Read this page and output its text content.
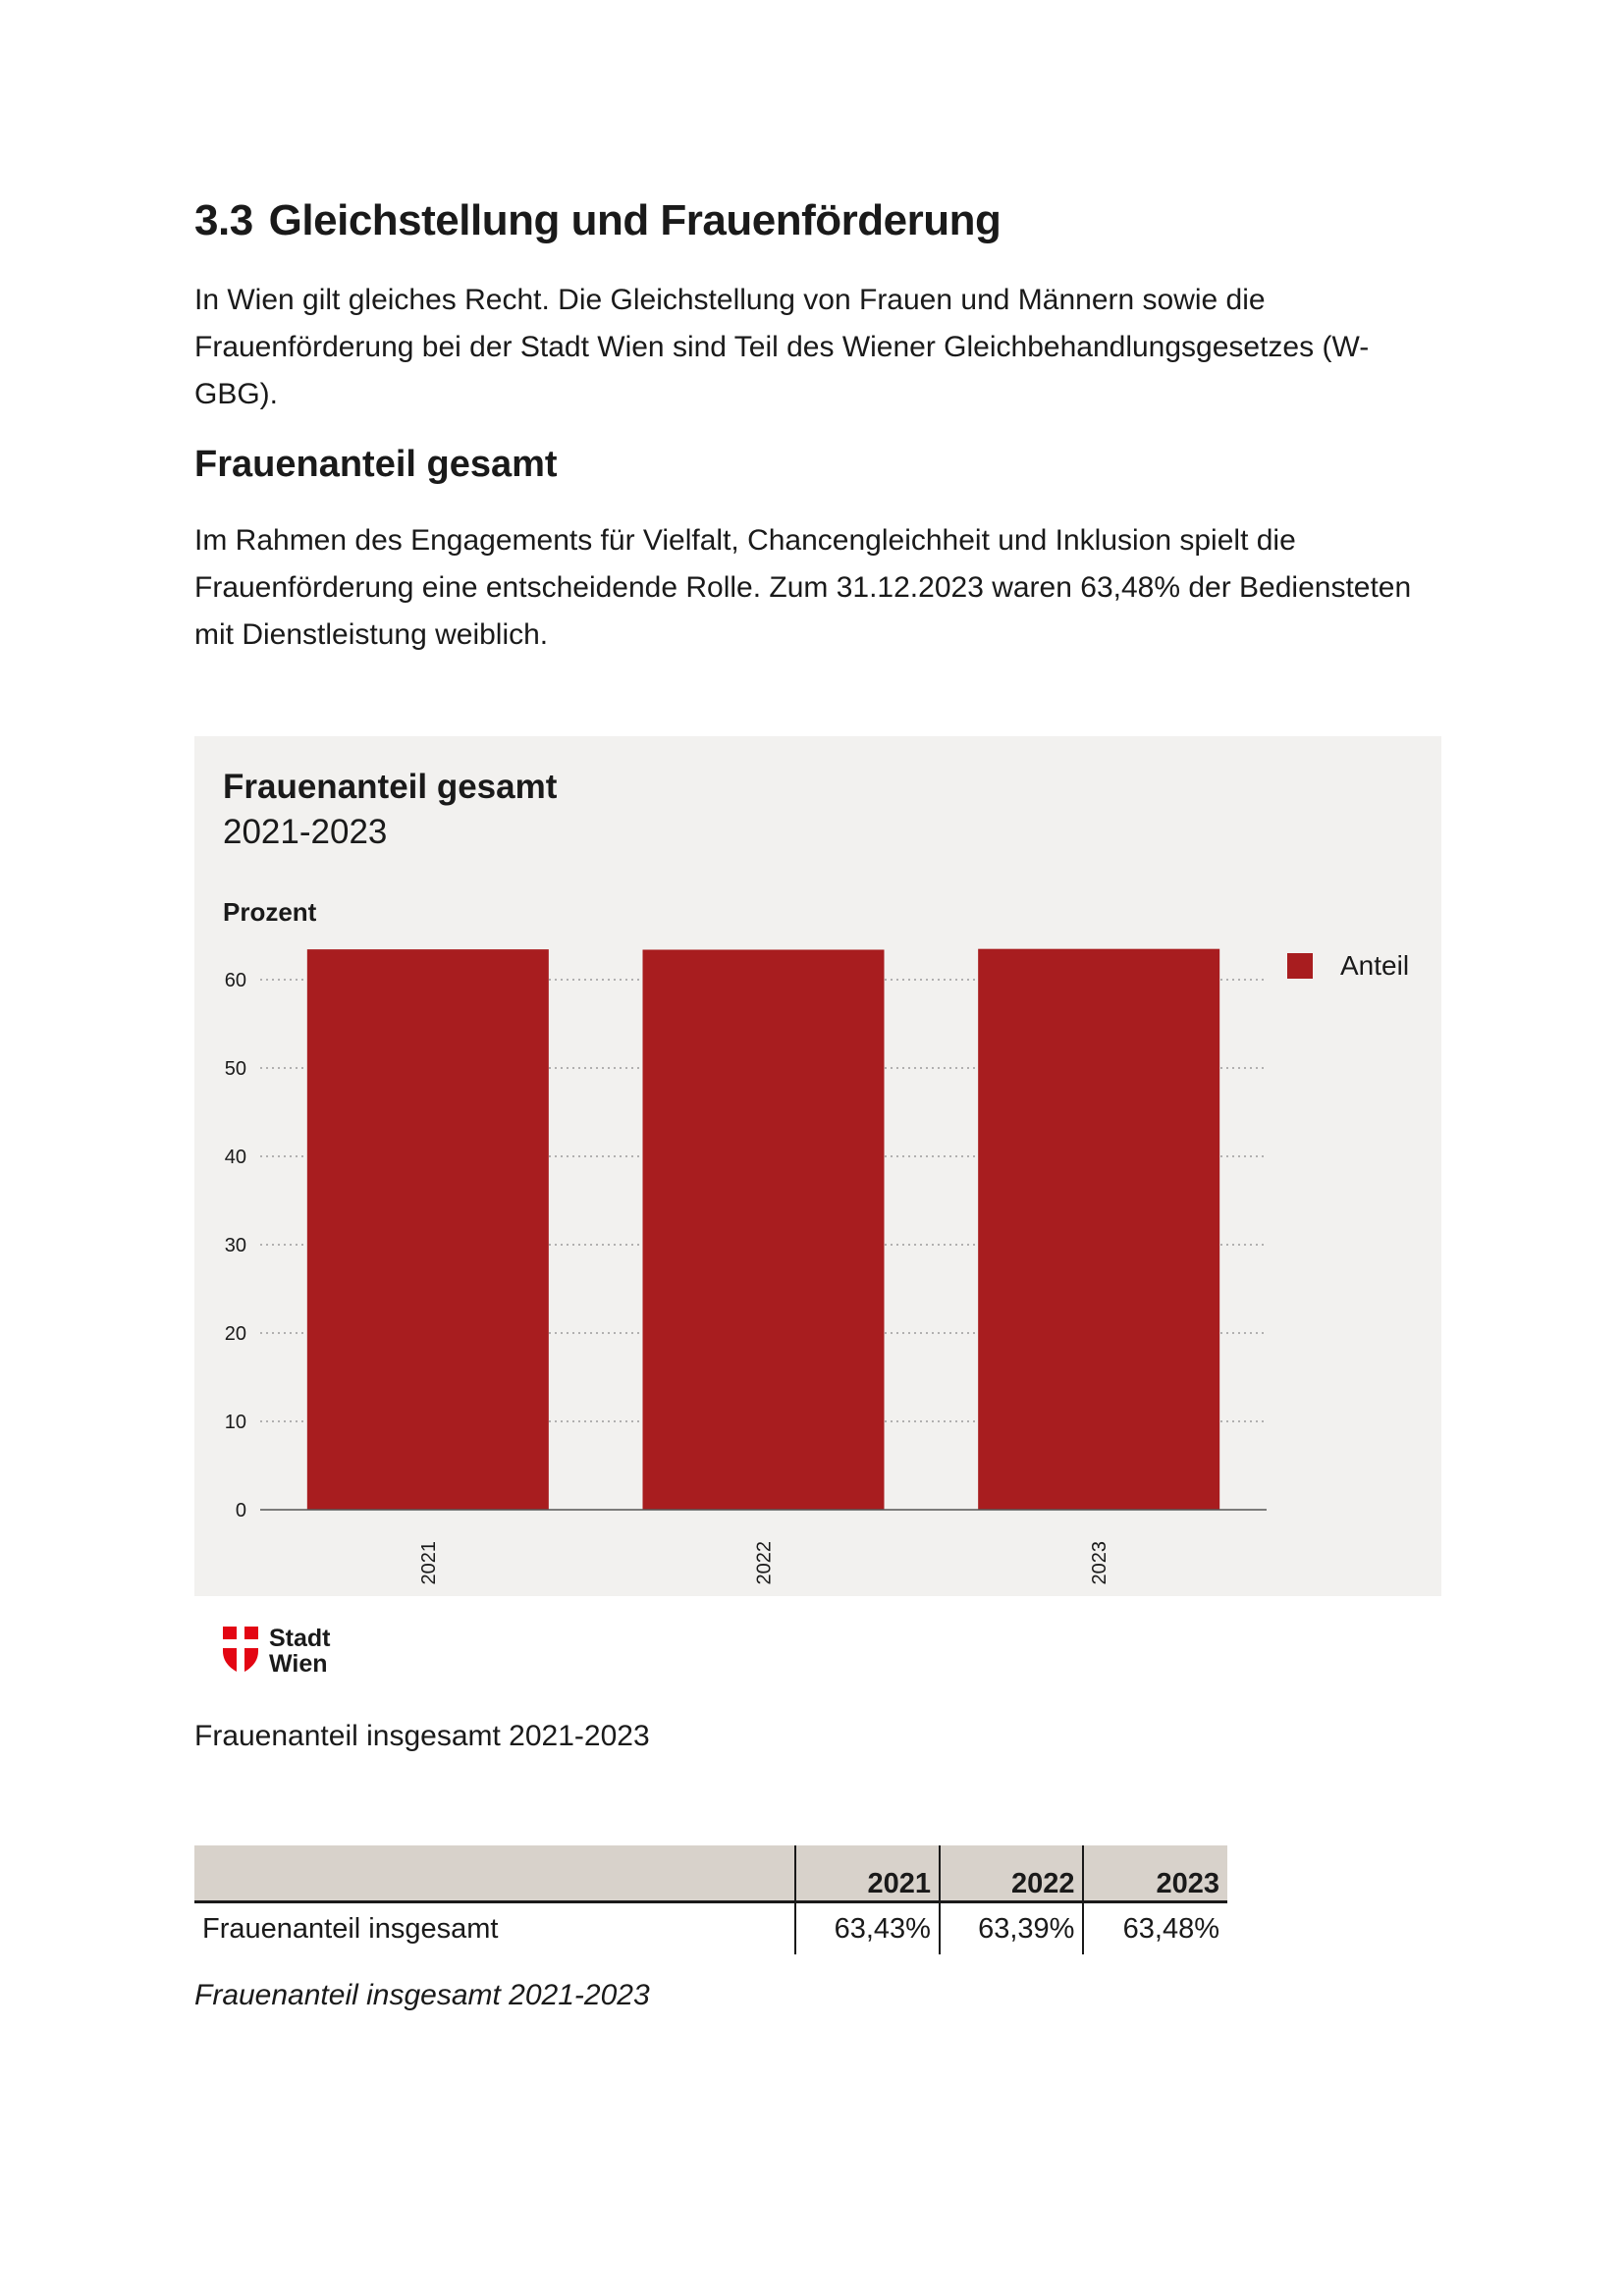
3.3 Gleichstellung und Frauenförderung

In Wien gilt gleiches Recht. Die Gleichstellung von Frauen und Männern sowie die Frauenförderung bei der Stadt Wien sind Teil des Wiener Gleichbehandlungsgesetzes (W-GBG).

Frauenanteil gesamt

Im Rahmen des Engagements für Vielfalt, Chancengleichheit und Inklusion spielt die Frauenförderung eine entscheidende Rolle. Zum 31.12.2023 waren 63,48% der Bediensteten mit Dienstleistung weiblich.

Frauenanteil gesamt
2021-2023
Prozent
0
10
20
30
40
50
60
2021	2022	2023
Anteil
Stadt
Wien

Frauenanteil insgesamt 2021-2023

	2021	2022	2023
Frauenanteil insgesamt	63,43%	63,39%	63,48%

Frauenanteil insgesamt 2021-2023
